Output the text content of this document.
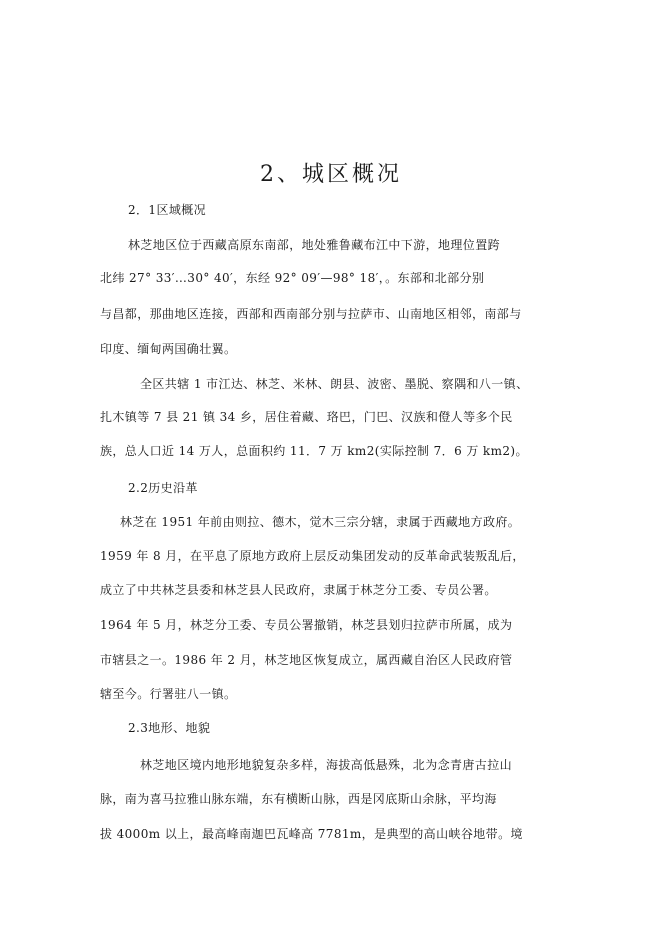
2、城区概况
2．1区域概况
林芝地区位于西藏高原东南部，地处雅鲁藏布江中下游，地理位置跨
北纬 27° 33′…30° 40′，东经 92° 09′—98° 18′，。东部和北部分别
与昌都，那曲地区连接，西部和西南部分别与拉萨市、山南地区相邻，南部与
印度、缅甸两国确壮翼。
全区共辖 1 市江达、林芝、米林、朗县、波密、墨脱、察隅和八一镇、
扎木镇等 7 县 21 镇 34 乡，居住着藏、珞巴，门巴、汉族和僜人等多个民
族，总人口近 14 万人，总面积约 11．7 万 km2(实际控制 7．6 万 km2)。
2.2历史沿革
林芝在 1951 年前由则拉、德木，觉木三宗分辖，隶属于西藏地方政府。
1959 年 8 月，在平息了原地方政府上层反动集团发动的反革命武装叛乱后，
成立了中共林芝县委和林芝县人民政府，隶属于林芝分工委、专员公署。
1964 年 5 月，林芝分工委、专员公署撤销，林芝县划归拉萨市所属，成为
市辖县之一。1986 年 2 月，林芝地区恢复成立，属西藏自治区人民政府管
辖至今。行署驻八一镇。
2.3地形、地貌
林芝地区境内地形地貌复杂多样，海拔高低悬殊，北为念青唐古拉山
脉，南为喜马拉雅山脉东端，东有横断山脉，西是冈底斯山余脉，平均海
拔 4000m 以上，最高峰南迦巴瓦峰高 7781m，是典型的高山峡谷地带。境
